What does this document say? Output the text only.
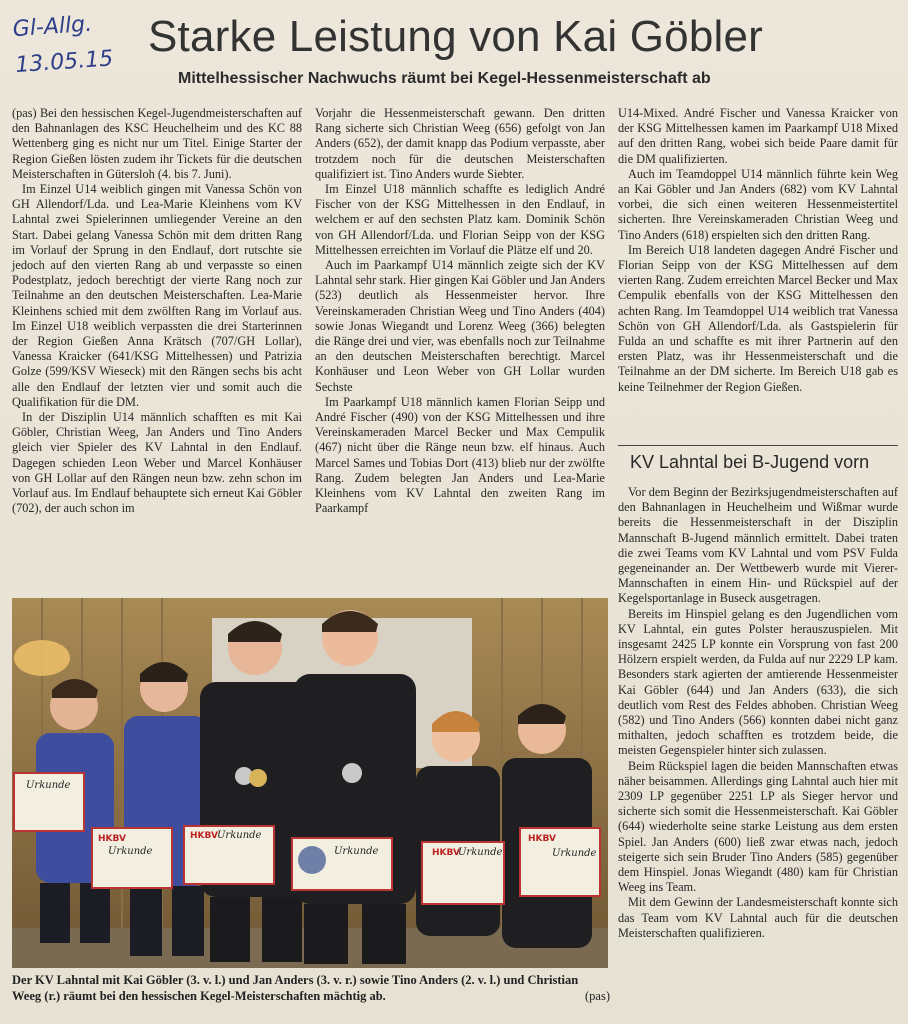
Gl-Allg.
13.05.15
Starke Leistung von Kai Göbler
Mittelhessischer Nachwuchs räumt bei Kegel-Hessenmeisterschaft ab

(pas) Bei den hessischen Kegel-Jugendmeisterschaften auf den Bahnanlagen des KSC Heuchelheim und des KC 88 Wettenberg ging es nicht nur um Titel. Einige Starter der Region Gießen lösten zudem ihr Tickets für die deutschen Meisterschaften in Gütersloh (4. bis 7. Juni).

Im Einzel U14 weiblich gingen mit Vanessa Schön von GH Allendorf/Lda. und Lea-Marie Kleinhens vom KV Lahntal zwei Spielerinnen umliegender Vereine an den Start. Dabei gelang Vanessa Schön mit dem dritten Rang im Vorlauf der Sprung in den Endlauf, dort rutschte sie jedoch auf den vierten Rang ab und verpasste so einen Podestplatz, jedoch berechtigt der vierte Rang noch zur Teilnahme an den deutschen Meisterschaften. Lea-Marie Kleinhens schied mit dem zwölften Rang im Vorlauf aus. Im Einzel U18 weiblich verpassten die drei Starterinnen der Region Gießen Anna Krätsch (707/GH Lollar), Vanessa Kraicker (641/KSG Mittelhessen) und Patrizia Golze (599/KSV Wieseck) mit den Rängen sechs bis acht alle den Endlauf der letzten vier und somit auch die Qualifikation für die DM.

In der Disziplin U14 männlich schafften es mit Kai Göbler, Christian Weeg, Jan Anders und Tino Anders gleich vier Spieler des KV Lahntal in den Endlauf. Dagegen schieden Leon Weber und Marcel Konhäuser von GH Lollar auf den Rängen neun bzw. zehn schon im Vorlauf aus. Im Endlauf behauptete sich erneut Kai Göbler (702), der auch schon im

Vorjahr die Hessenmeisterschaft gewann. Den dritten Rang sicherte sich Christian Weeg (656) gefolgt von Jan Anders (652), der damit knapp das Podium verpasste, aber trotzdem noch für die deutschen Meisterschaften qualifiziert ist. Tino Anders wurde Siebter.

Im Einzel U18 männlich schaffte es lediglich André Fischer von der KSG Mittelhessen in den Endlauf, in welchem er auf den sechsten Platz kam. Dominik Schön von GH Allendorf/Lda. und Florian Seipp von der KSG Mittelhessen erreichten im Vorlauf die Plätze elf und 20.

Auch im Paarkampf U14 männlich zeigte sich der KV Lahntal sehr stark. Hier gingen Kai Göbler und Jan Anders (523) deutlich als Hessenmeister hervor. Ihre Vereinskameraden Christian Weeg und Tino Anders (404) sowie Jonas Wiegandt und Lorenz Weeg (366) belegten die Ränge drei und vier, was ebenfalls noch zur Teilnahme an den deutschen Meisterschaften berechtigt. Marcel Konhäuser und Leon Weber von GH Lollar wurden Sechste

Im Paarkampf U18 männlich kamen Florian Seipp und André Fischer (490) von der KSG Mittelhessen und ihre Vereinskameraden Marcel Becker und Max Cempulik (467) nicht über die Ränge neun bzw. elf hinaus. Auch Marcel Sames und Tobias Dort (413) blieb nur der zwölfte Rang. Zudem belegten Jan Anders und Lea-Marie Kleinhens vom KV Lahntal den zweiten Rang im Paarkampf

U14-Mixed. André Fischer und Vanessa Kraicker von der KSG Mittelhessen kamen im Paarkampf U18 Mixed auf den dritten Rang, wobei sich beide Paare damit für die DM qualifizierten.

Auch im Teamdoppel U14 männlich führte kein Weg an Kai Göbler und Jan Anders (682) vom KV Lahntal vorbei, die sich einen weiteren Hessenmeistertitel sicherten. Ihre Vereinskameraden Christian Weeg und Tino Anders (618) erspielten sich den dritten Rang.

Im Bereich U18 landeten dagegen André Fischer und Florian Seipp von der KSG Mittelhessen auf dem vierten Rang. Zudem erreichten Marcel Becker und Max Cempulik ebenfalls von der KSG Mittelhessen den achten Rang. Im Teamdoppel U14 weiblich trat Vanessa Schön von GH Allendorf/Lda. als Gastspielerin für Fulda an und schaffte es mit ihrer Partnerin auf den ersten Platz, was ihr Hessenmeisterschaft und die Teilnahme an der DM sicherte. Im Bereich U18 gab es keine Teilnehmer der Region Gießen.

KV Lahntal bei B-Jugend vorn

Vor dem Beginn der Bezirksjugendmeisterschaften auf den Bahnanlagen in Heuchelheim und Wißmar wurde bereits die Hessenmeisterschaft in der Disziplin Mannschaft B-Jugend männlich ermittelt. Dabei traten die zwei Teams vom KV Lahntal und vom PSV Fulda gegeneinander an. Der Wettbewerb wurde mit Vierer-Mannschaften in einem Hin- und Rückspiel auf der Kegelsportanlage in Buseck ausgetragen.

Bereits im Hinspiel gelang es den Jugendlichen vom KV Lahntal, ein gutes Polster herauszuspielen. Mit insgesamt 2425 LP konnte ein Vorsprung von fast 200 Hölzern erspielt werden, da Fulda auf nur 2229 LP kam. Besonders stark agierten der amtierende Hessenmeister Kai Göbler (644) und Jan Anders (633), die sich deutlich vom Rest des Feldes abhoben. Christian Weeg (582) und Tino Anders (566) konnten dabei nicht ganz mithalten, jedoch schafften es trotzdem beide, die meisten Gegenspieler hinter sich zulassen.

Beim Rückspiel lagen die beiden Mannschaften etwas näher beisammen. Allerdings ging Lahntal auch hier mit 2309 LP gegenüber 2251 LP als Sieger hervor und sicherte sich somit die Hessenmeisterschaft. Kai Göbler (644) wiederholte seine starke Leistung aus dem ersten Spiel. Jan Anders (600) ließ zwar etwas nach, jedoch steigerte sich sein Bruder Tino Anders (585) gegenüber dem Hinspiel. Jonas Wiegandt (480) kam für Christian Weeg ins Team.

Mit dem Gewinn der Landesmeisterschaft konnte sich das Team vom KV Lahntal auch für die deutschen Meisterschaften qualifizieren.

Urkunde
HKBV
Urkunde
HKBV Urkunde
Urkunde	HKBV
Urkunde
HKBV
Urkunde
Der KV Lahntal mit Kai Göbler (3. v. l.) und Jan Anders (3. v. r.) sowie Tino Anders (2. v. l.) und Christian Weeg (r.) räumt bei den hessischen Kegel-Meisterschaften mächtig ab.	(pas)
